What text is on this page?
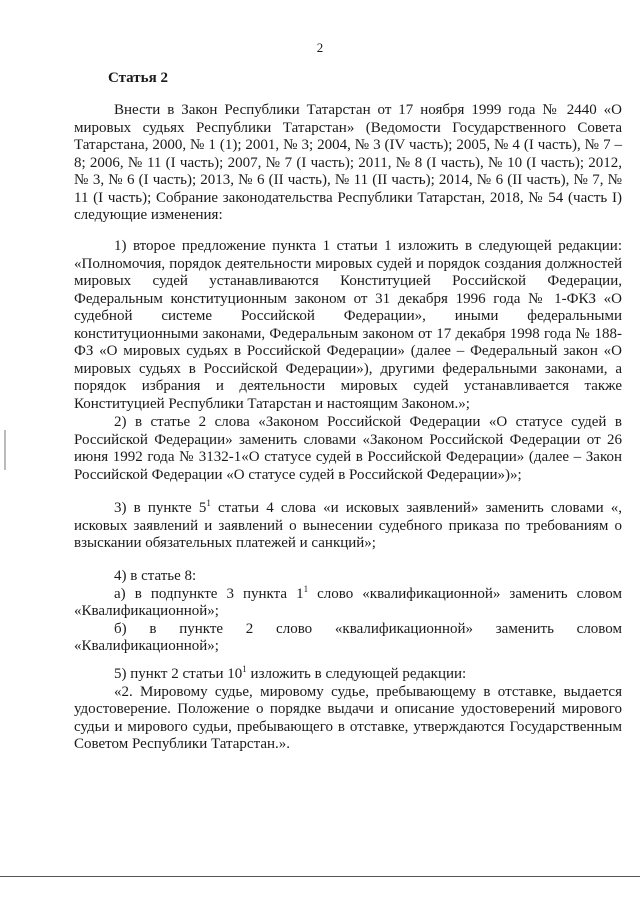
2
Статья 2

Внести в Закон Республики Татарстан от 17 ноября 1999 года № 2440 «О мировых судьях Республики Татарстан» (Ведомости Государственного Совета Татарстана, 2000, № 1 (1); 2001, № 3; 2004, № 3 (IV часть); 2005, № 4 (I часть), № 7 – 8; 2006, № 11 (I часть); 2007, № 7 (I часть); 2011, № 8 (I часть), № 10 (I часть); 2012, № 3, № 6 (I часть); 2013, № 6 (II часть), № 11 (II часть); 2014, № 6 (II часть), № 7, № 11 (I часть); Собрание законодательства Республики Татарстан, 2018, № 54 (часть I) следующие изменения:

1) второе предложение пункта 1 статьи 1 изложить в следующей редакции: «Полномочия, порядок деятельности мировых судей и порядок создания должностей мировых судей устанавливаются Конституцией Российской Федерации, Федеральным конституционным законом от 31 декабря 1996 года № 1-ФКЗ «О судебной системе Российской Федерации», иными федеральными конституционными законами, Федеральным законом от 17 декабря 1998 года № 188-ФЗ «О мировых судьях в Российской Федерации» (далее – Федеральный закон «О мировых судьях в Российской Федерации»), другими федеральными законами, а порядок избрания и деятельности мировых судей устанавливается также Конституцией Республики Татарстан и настоящим Законом.»;

2) в статье 2 слова «Законом Российской Федерации «О статусе судей в Российской Федерации» заменить словами «Законом Российской Федерации от 26 июня 1992 года № 3132-1«О статусе судей в Российской Федерации» (далее – Закон Российской Федерации «О статусе судей в Российской Федерации»)»;

3) в пункте $5^1$ статьи 4 слова «и исковых заявлений» заменить словами «, исковых заявлений и заявлений о вынесении судебного приказа по требованиям о взыскании обязательных платежей и санкций»;

4) в статье 8:

а) в подпункте 3 пункта $1^1$ слово «квалификационной» заменить словом «Квалификационной»;

б) в пункте 2 слово «квалификационной» заменить словом «Квалификационной»;

5) пункт 2 статьи $10^1$ изложить в следующей редакции:

«2. Мировому судье, мировому судье, пребывающему в отставке, выдается удостоверение. Положение о порядке выдачи и описание удостоверений мирового судьи и мирового судьи, пребывающего в отставке, утверждаются Государственным Советом Республики Татарстан.».
